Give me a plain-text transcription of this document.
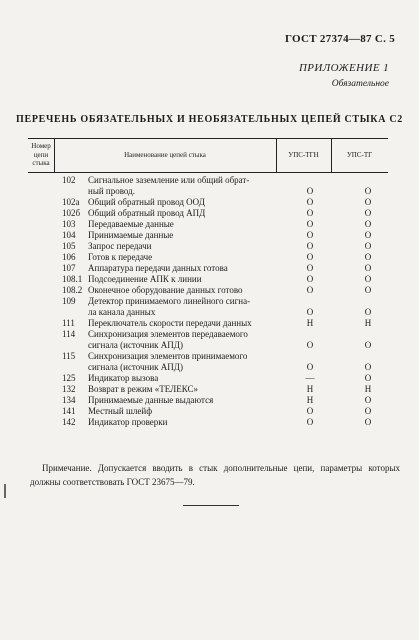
ГОСТ 27374—87 С. 5
ПРИЛОЖЕНИЕ 1
Обязательное
ПЕРЕЧЕНЬ ОБЯЗАТЕЛЬНЫХ И НЕОБЯЗАТЕЛЬНЫХ ЦЕПЕЙ СТЫКА С2
Номер
цепи
стыка
Наименование цепей стыка	УПС-ТГН	УПС-ТГ
102 Сигнальное заземление или общий обрат-
ный провод.	О	О
102а Общий обратный провод ООД	О	О
102б Общий обратный провод АПД	О	О
103 Передаваемые данные	О	О
104 Принимаемые данные	О	О
105 Запрос передачи	О	О
106 Готов к передаче	О	О
107 Аппаратура передачи данных готова	О	О
108.1 Подсоединение АПК к линии	О	О
108.2 Оконечное оборудование данных готово	О	О
109 Детектор принимаемого линейного сигна-
ла канала данных	О	О
111 Переключатель скорости передачи данных	Н	Н
114 Синхронизация элементов передаваемого
сигнала (источник АПД)	О	О
115 Синхронизация элементов принимаемого
сигнала (источник АПД)	О	О
125 Индикатор вызова	—	О
132 Возврат в режим «ТЕЛЕКС»	Н	Н
134 Принимаемые данные выдаются	Н	О
141 Местный шлейф	О	О
142 Индикатор проверки	О	О
Примечание. Допускается вводить в стык дополнительные цепи, параметры которых должны соответствовать ГОСТ 23675—79.
